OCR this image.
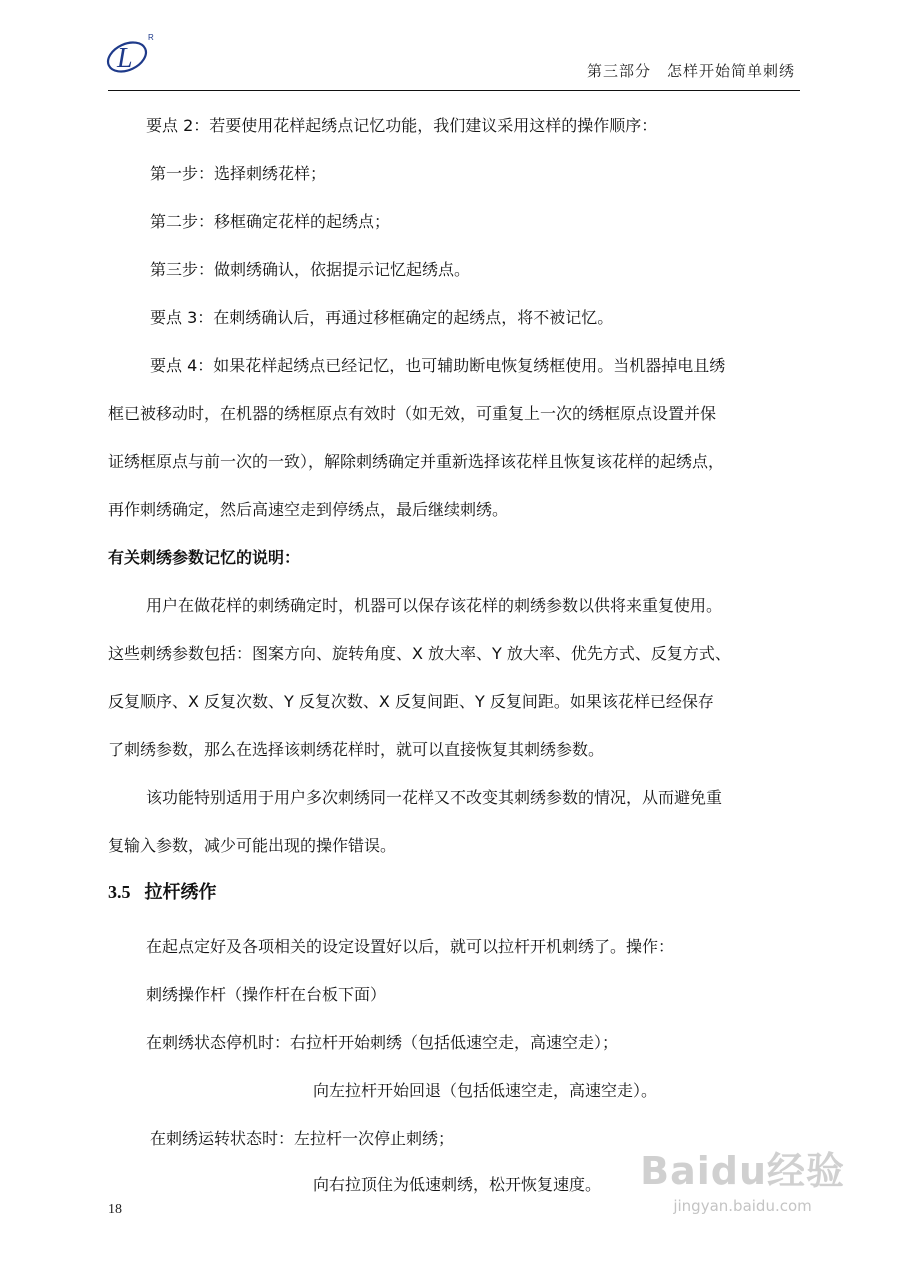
L
R
第三部分　怎样开始简单刺绣
要点 2：若要使用花样起绣点记忆功能，我们建议采用这样的操作顺序：
第一步：选择刺绣花样；
第二步：移框确定花样的起绣点；
第三步：做刺绣确认，依据提示记忆起绣点。
要点 3：在刺绣确认后，再通过移框确定的起绣点，将不被记忆。
要点 4：如果花样起绣点已经记忆，也可辅助断电恢复绣框使用。当机器掉电且绣
框已被移动时，在机器的绣框原点有效时（如无效，可重复上一次的绣框原点设置并保
证绣框原点与前一次的一致），解除刺绣确定并重新选择该花样且恢复该花样的起绣点，
再作刺绣确定，然后高速空走到停绣点，最后继续刺绣。
有关刺绣参数记忆的说明：
用户在做花样的刺绣确定时，机器可以保存该花样的刺绣参数以供将来重复使用。
这些刺绣参数包括：图案方向、旋转角度、X 放大率、Y 放大率、优先方式、反复方式、
反复顺序、X 反复次数、Y 反复次数、X 反复间距、Y 反复间距。如果该花样已经保存
了刺绣参数，那么在选择该刺绣花样时，就可以直接恢复其刺绣参数。
该功能特别适用于用户多次刺绣同一花样又不改变其刺绣参数的情况，从而避免重
复输入参数，减少可能出现的操作错误。
3.5 拉杆绣作
在起点定好及各项相关的设定设置好以后，就可以拉杆开机刺绣了。操作：
刺绣操作杆（操作杆在台板下面）
在刺绣状态停机时：右拉杆开始刺绣（包括低速空走，高速空走）；
向左拉杆开始回退（包括低速空走，高速空走）。
在刺绣运转状态时：左拉杆一次停止刺绣；
向右拉顶住为低速刺绣，松开恢复速度。
18
Baidu经验
jingyan.baidu.com
